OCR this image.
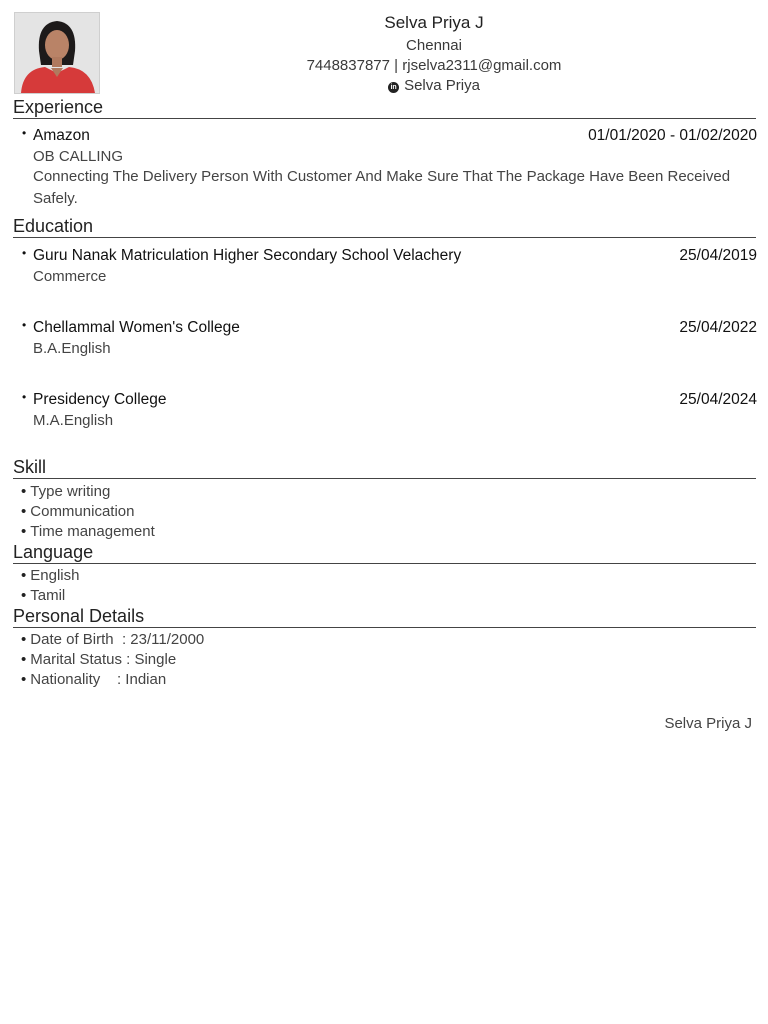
Selva Priya J
Chennai
7448837877 | rjselva2311@gmail.com
in Selva Priya
Experience
• Amazon	01/01/2020 - 01/02/2020
OB CALLING
Connecting The Delivery Person With Customer And Make Sure That The Package Have Been Received Safely.
Education
• Guru Nanak Matriculation Higher Secondary School Velachery	25/04/2019
Commerce
• Chellammal Women's College	25/04/2022
B.A.English
• Presidency College	25/04/2024
M.A.English
Skill
• Type writing
• Communication
• Time management
Language
• English
• Tamil
Personal Details
• Date of Birth  : 23/11/2000
• Marital Status : Single
• Nationality    : Indian
Selva Priya J
